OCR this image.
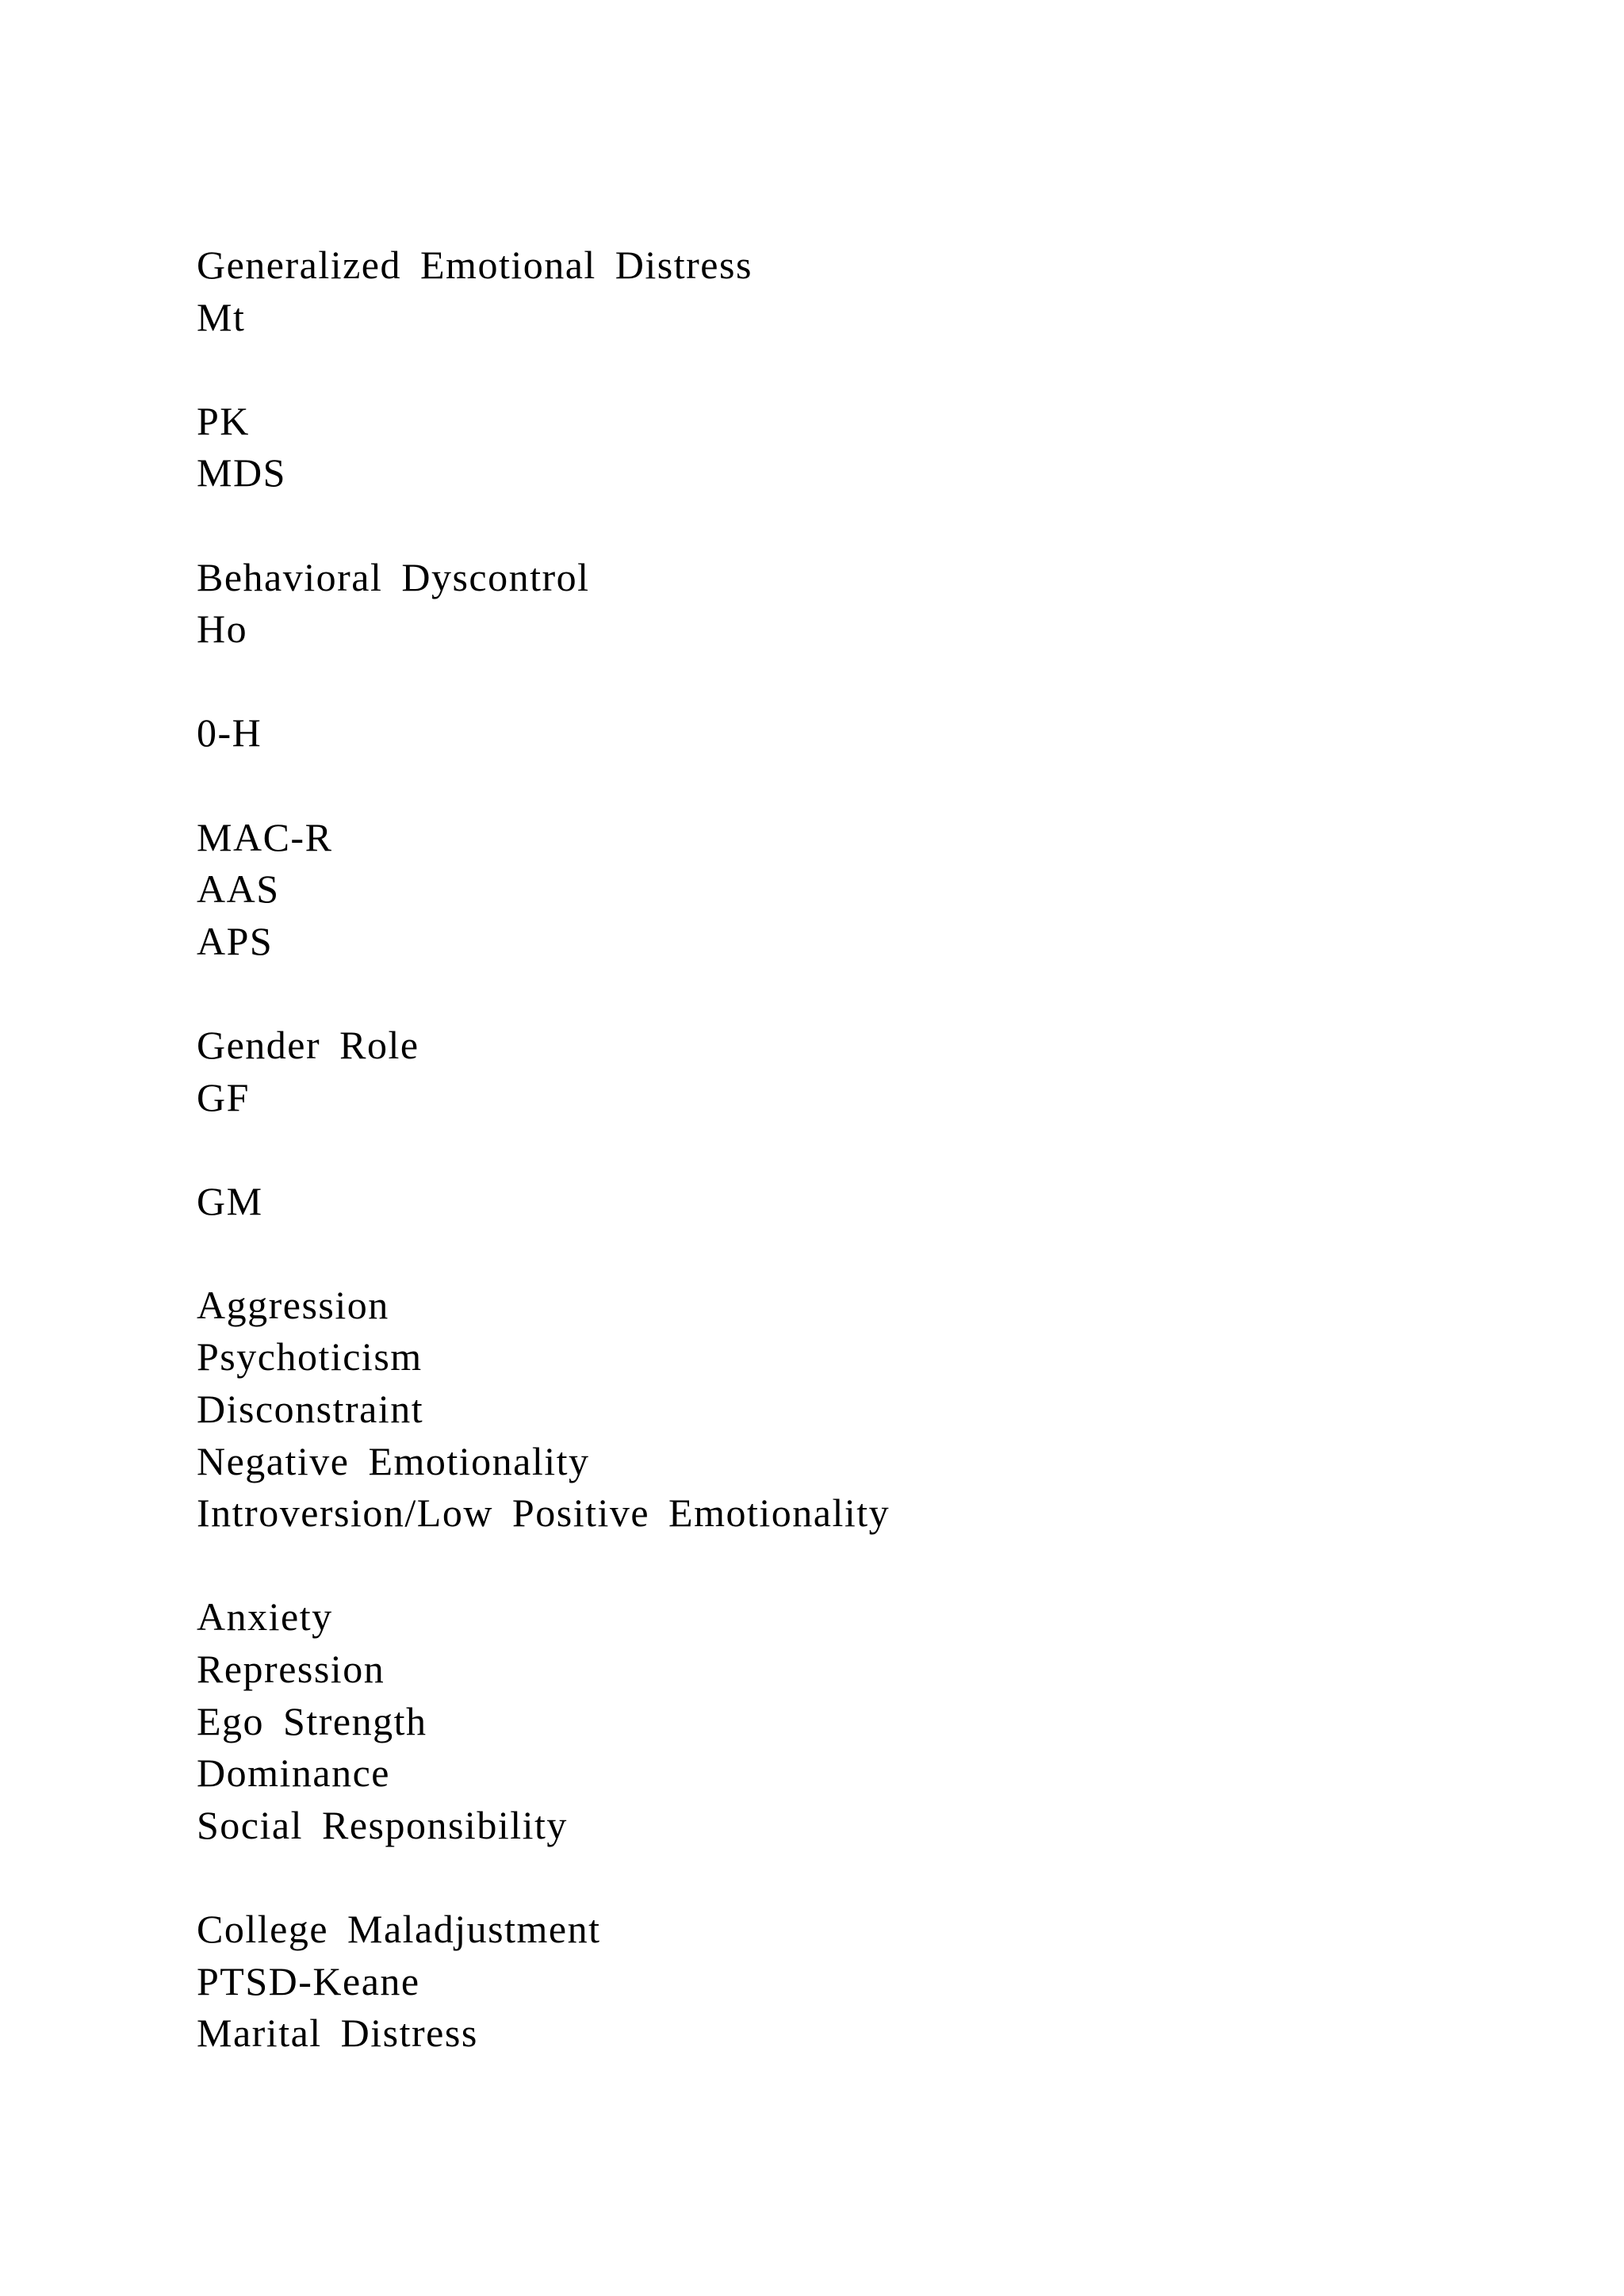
Generalized Emotional Distress
Mt
PK
MDS
Behavioral Dyscontrol
Ho
0-H
MAC-R
AAS
APS
Gender Role
GF
GM
Aggression
Psychoticism
Disconstraint
Negative Emotionality
Introversion/Low Positive Emotionality
Anxiety
Repression
Ego Strength
Dominance
Social Responsibility
College Maladjustment
PTSD-Keane
Marital Distress
